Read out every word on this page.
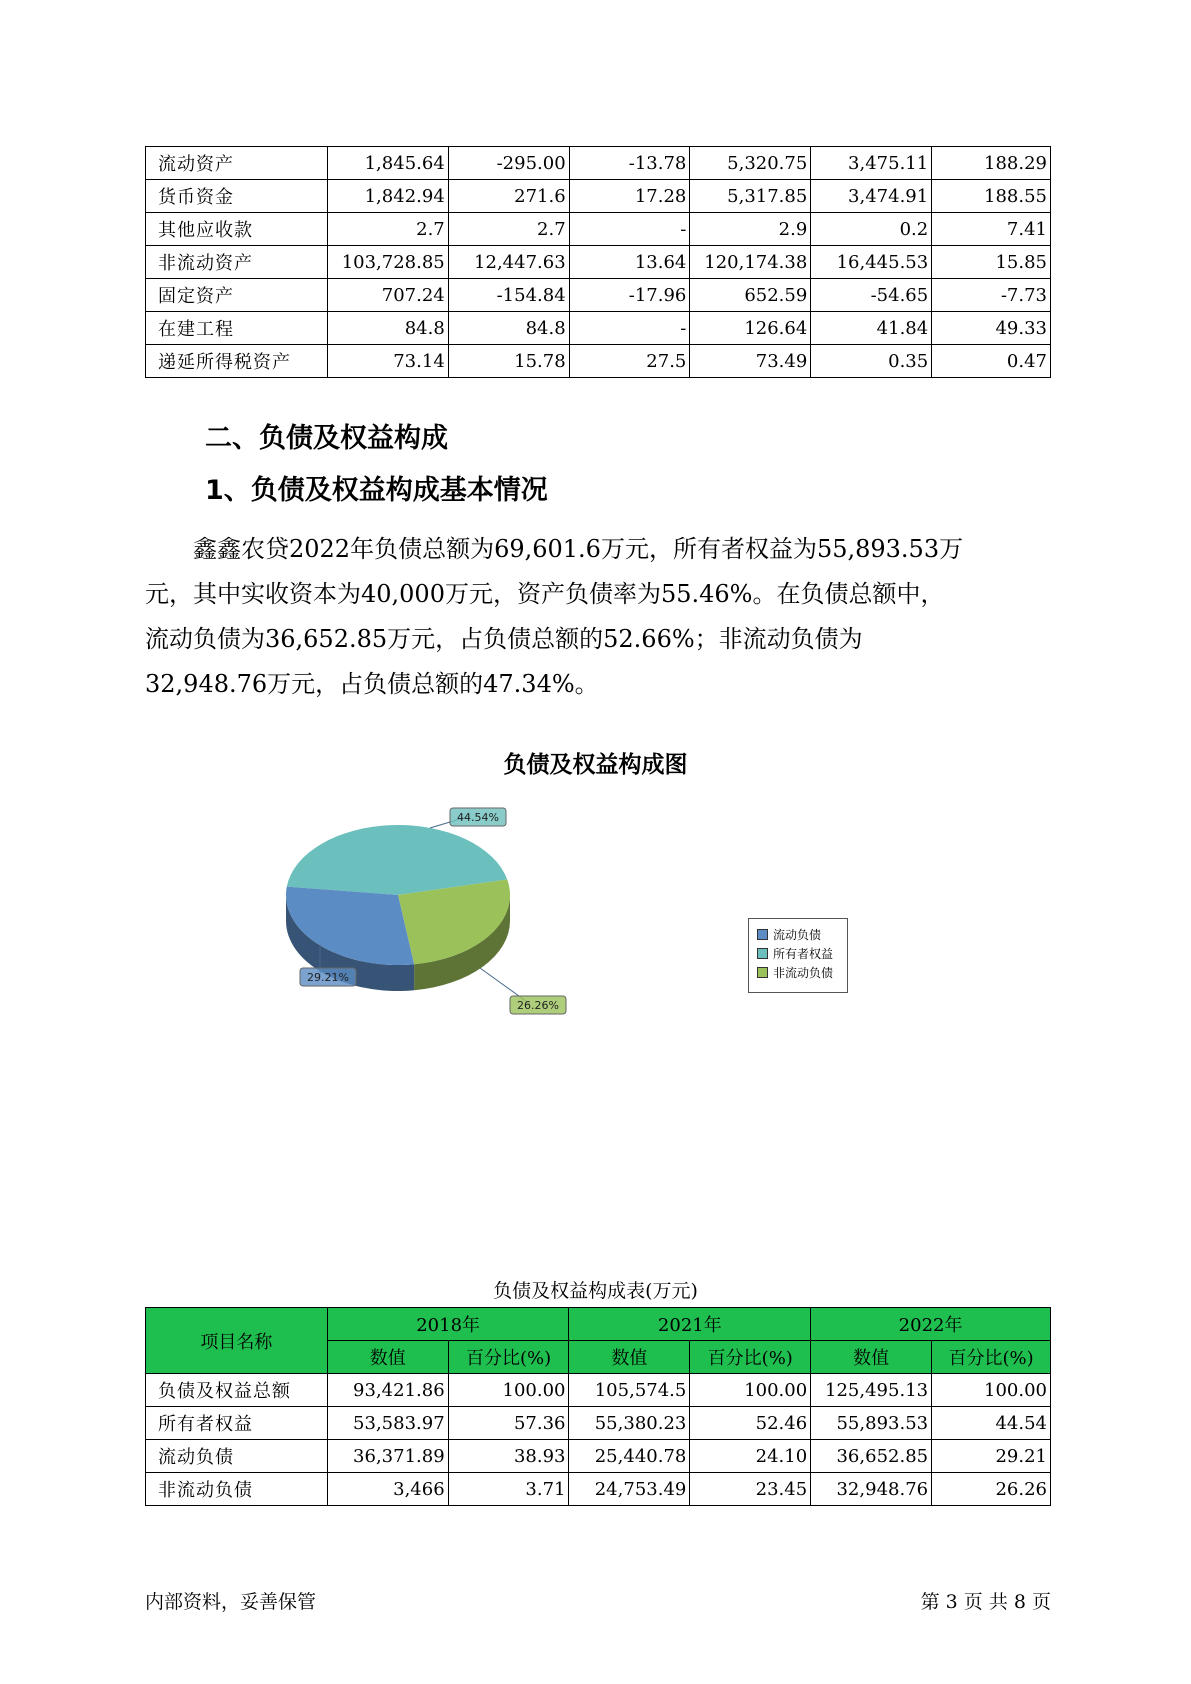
流动资产	1,845.64	-295.00	-13.78	5,320.75	3,475.11	188.29
货币资金	1,842.94	271.6	17.28	5,317.85	3,474.91	188.55
其他应收款	2.7	2.7	-	2.9	0.2	7.41
非流动资产	103,728.85	12,447.63	13.64	120,174.38	16,445.53	15.85
固定资产	707.24	-154.84	-17.96	652.59	-54.65	-7.73
在建工程	84.8	84.8	-	126.64	41.84	49.33
递延所得税资产	73.14	15.78	27.5	73.49	0.35	0.47
二、负债及权益构成
1、负债及权益构成基本情况

　　鑫鑫农贷2022年负债总额为69,601.6万元，所有者权益为55,893.53万
元，其中实收资本为40,000万元，资产负债率为55.46%。在负债总额中，
流动负债为36,652.85万元，占负债总额的52.66%；非流动负债为
32,948.76万元，占负债总额的47.34%。

负债及权益构成图
44.54%
26.26%
29.21%
流动负债
所有者权益
非流动负债
负债及权益构成表(万元)
项目名称	2018年		2021年		2022年	
	数值	百分比(%)	数值	百分比(%)	数值	百分比(%)
负债及权益总额	93,421.86	100.00	105,574.5	100.00	125,495.13	100.00
所有者权益	53,583.97	57.36	55,380.23	52.46	55,893.53	44.54
流动负债	36,371.89	38.93	25,440.78	24.10	36,652.85	29.21
非流动负债	3,466	3.71	24,753.49	23.45	32,948.76	26.26
内部资料，妥善保管	第 3 页 共 8 页
